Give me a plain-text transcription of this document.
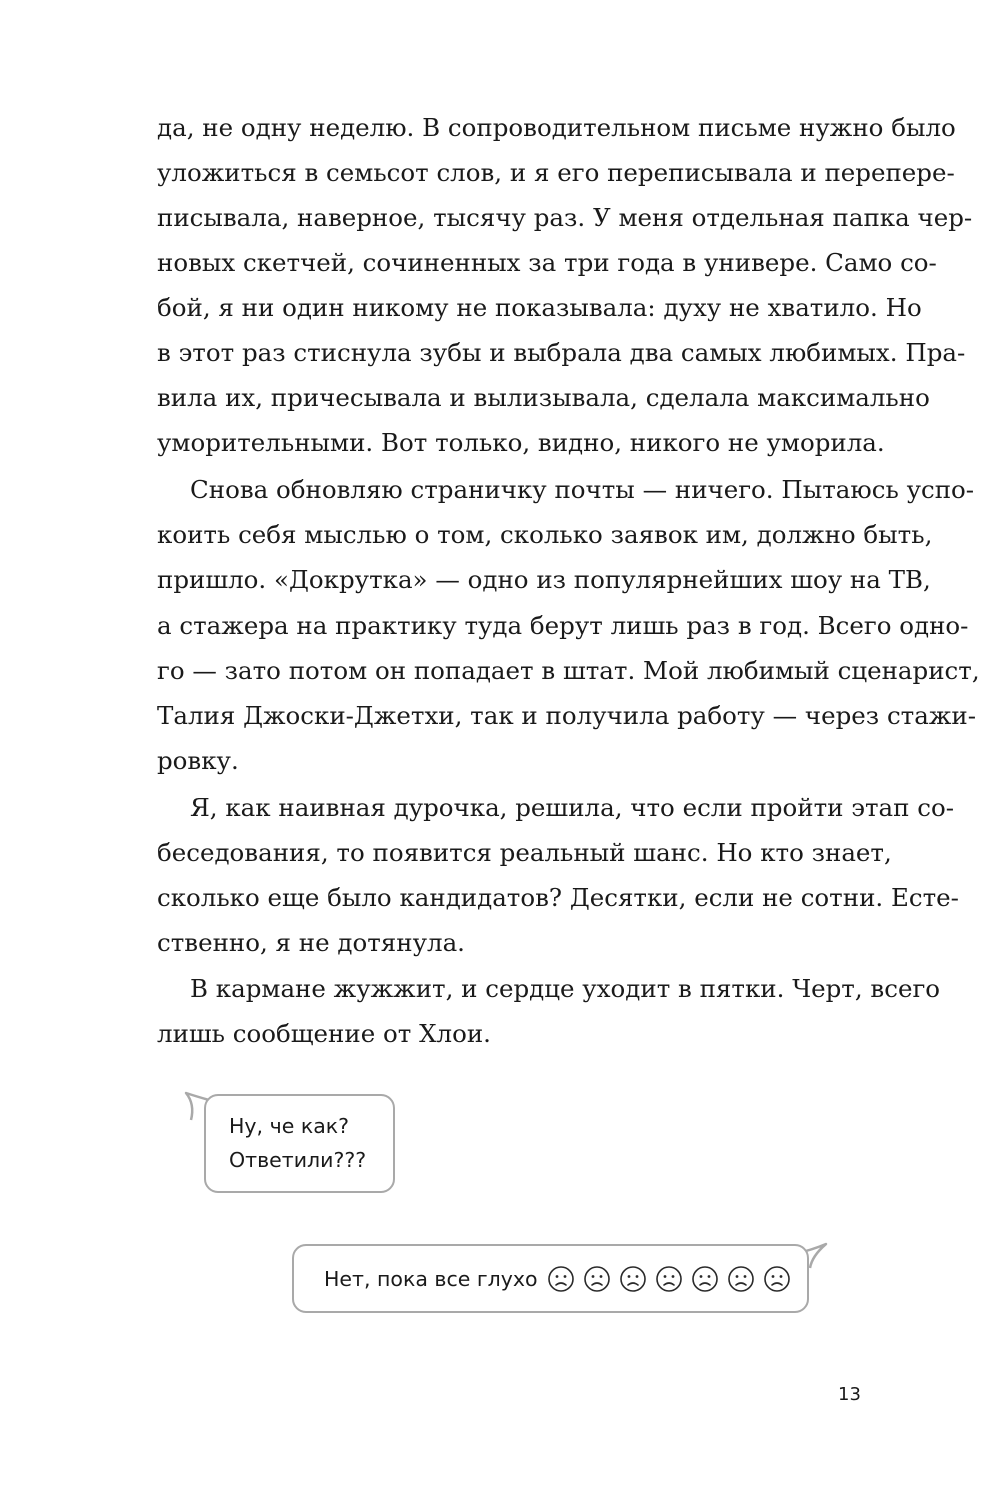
да, не одну неделю. В сопроводительном письме нужно было

уложиться в семьсот слов, и я его переписывала и перепере-

писывала, наверное, тысячу раз. У меня отдельная папка чер-

новых скетчей, сочиненных за три года в универе. Само со-

бой, я ни один никому не показывала: духу не хватило. Но

в этот раз стиснула зубы и выбрала два самых любимых. Пра-

вила их, причесывала и вылизывала, сделала максимально

уморительными. Вот только, видно, никого не уморила.

Снова обновляю страничку почты — ничего. Пытаюсь успо-

коить себя мыслью о том, сколько заявок им, должно быть,

пришло. «Докрутка» — одно из популярнейших шоу на ТВ,

а стажера на практику туда берут лишь раз в год. Всего одно-

го — зато потом он попадает в штат. Мой любимый сценарист,

Талия Джоски-Джетхи, так и получила работу — через стажи-

ровку.

Я, как наивная дурочка, решила, что если пройти этап со-

беседования, то появится реальный шанс. Но кто знает,

сколько еще было кандидатов? Десятки, если не сотни. Есте-

ственно, я не дотянула.

В кармане жужжит, и сердце уходит в пятки. Черт, всего

лишь сообщение от Хлои.

Ну, че как?
Ответили???
Нет, пока все глухо
13
